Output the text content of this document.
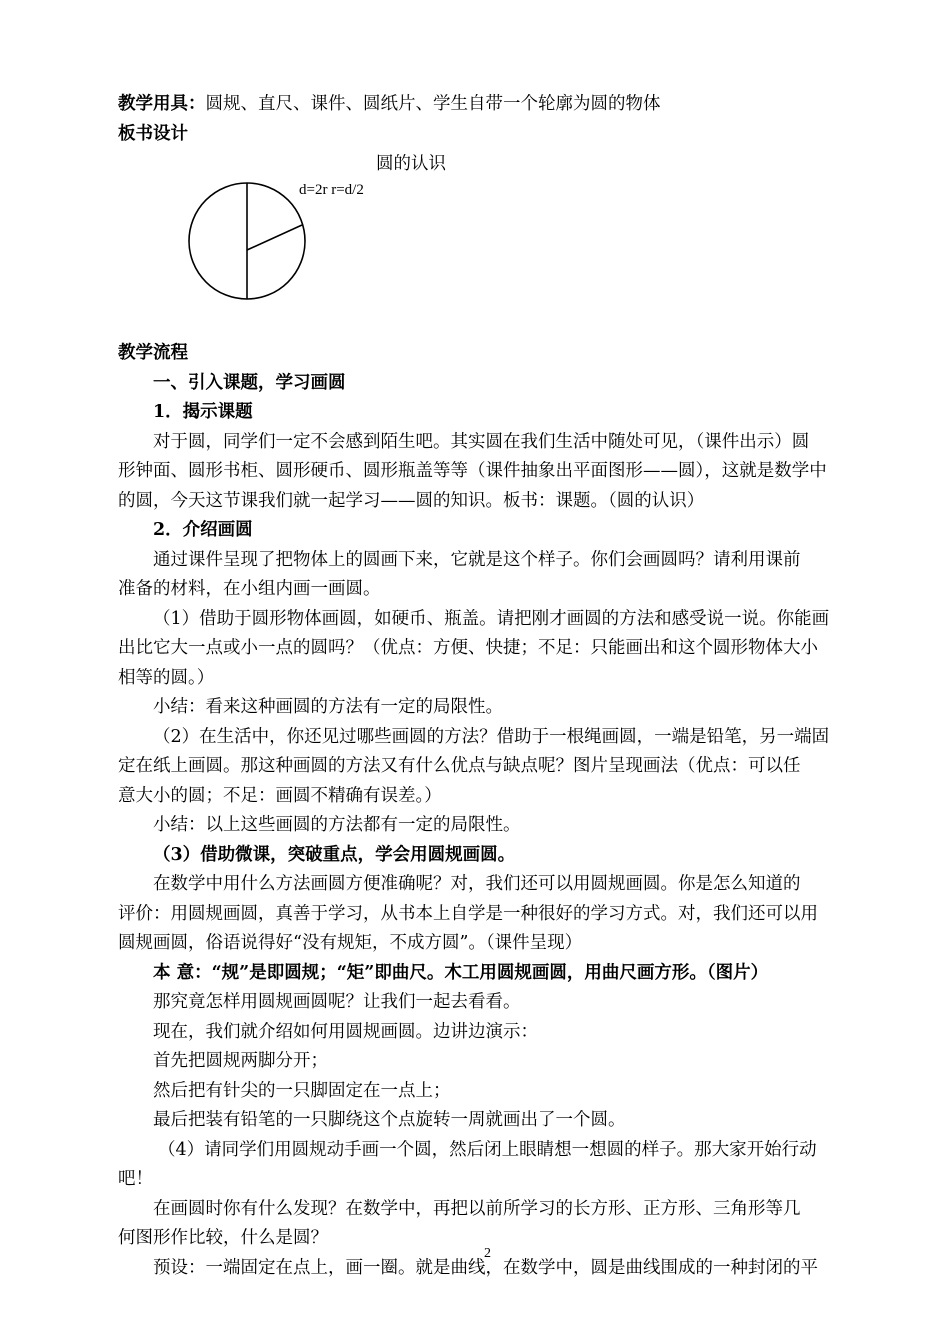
教学用具：圆规、直尺、课件、圆纸片、学生自带一个轮廓为圆的物体
板书设计
教学流程
一、引入课题，学习画圆
1．揭示课题
对于圆，同学们一定不会感到陌生吧。其实圆在我们生活中随处可见，（课件出示）圆
形钟面、圆形书柜、圆形硬币、圆形瓶盖等等（课件抽象出平面图形——圆），这就是数学中
的圆，今天这节课我们就一起学习——圆的知识。板书：课题。（圆的认识）
2．介绍画圆
通过课件呈现了把物体上的圆画下来，它就是这个样子。你们会画圆吗？请利用课前
准备的材料，在小组内画一画圆。
（1）借助于圆形物体画圆，如硬币、瓶盖。请把刚才画圆的方法和感受说一说。你能画
出比它大一点或小一点的圆吗？（优点：方便、快捷；不足：只能画出和这个圆形物体大小
相等的圆。）
小结：看来这种画圆的方法有一定的局限性。
（2）在生活中，你还见过哪些画圆的方法？借助于一根绳画圆，一端是铅笔，另一端固
定在纸上画圆。那这种画圆的方法又有什么优点与缺点呢？图片呈现画法（优点：可以任
意大小的圆；不足：画圆不精确有误差。）
小结：以上这些画圆的方法都有一定的局限性。
（3）借助微课，突破重点，学会用圆规画圆。
在数学中用什么方法画圆方便准确呢？对，我们还可以用圆规画圆。你是怎么知道的
评价：用圆规画圆，真善于学习，从书本上自学是一种很好的学习方式。对，我们还可以用
圆规画圆，俗语说得好“没有规矩，不成方圆”。（课件呈现）
本 意：“规”是即圆规；“矩”即曲尺。木工用圆规画圆，用曲尺画方形。（图片）
那究竟怎样用圆规画圆呢？让我们一起去看看。
现在，我们就介绍如何用圆规画圆。边讲边演示：
首先把圆规两脚分开；
然后把有针尖的一只脚固定在一点上；
最后把装有铅笔的一只脚绕这个点旋转一周就画出了一个圆。
（4）请同学们用圆规动手画一个圆，然后闭上眼睛想一想圆的样子。那大家开始行动
吧！
在画圆时你有什么发现？在数学中，再把以前所学习的长方形、正方形、三角形等几
何图形作比较，什么是圆？
预设：一端固定在点上，画一圈。就是曲线，在数学中，圆是曲线围成的一种封闭的平
圆的认识
d=2r r=d/2
2
